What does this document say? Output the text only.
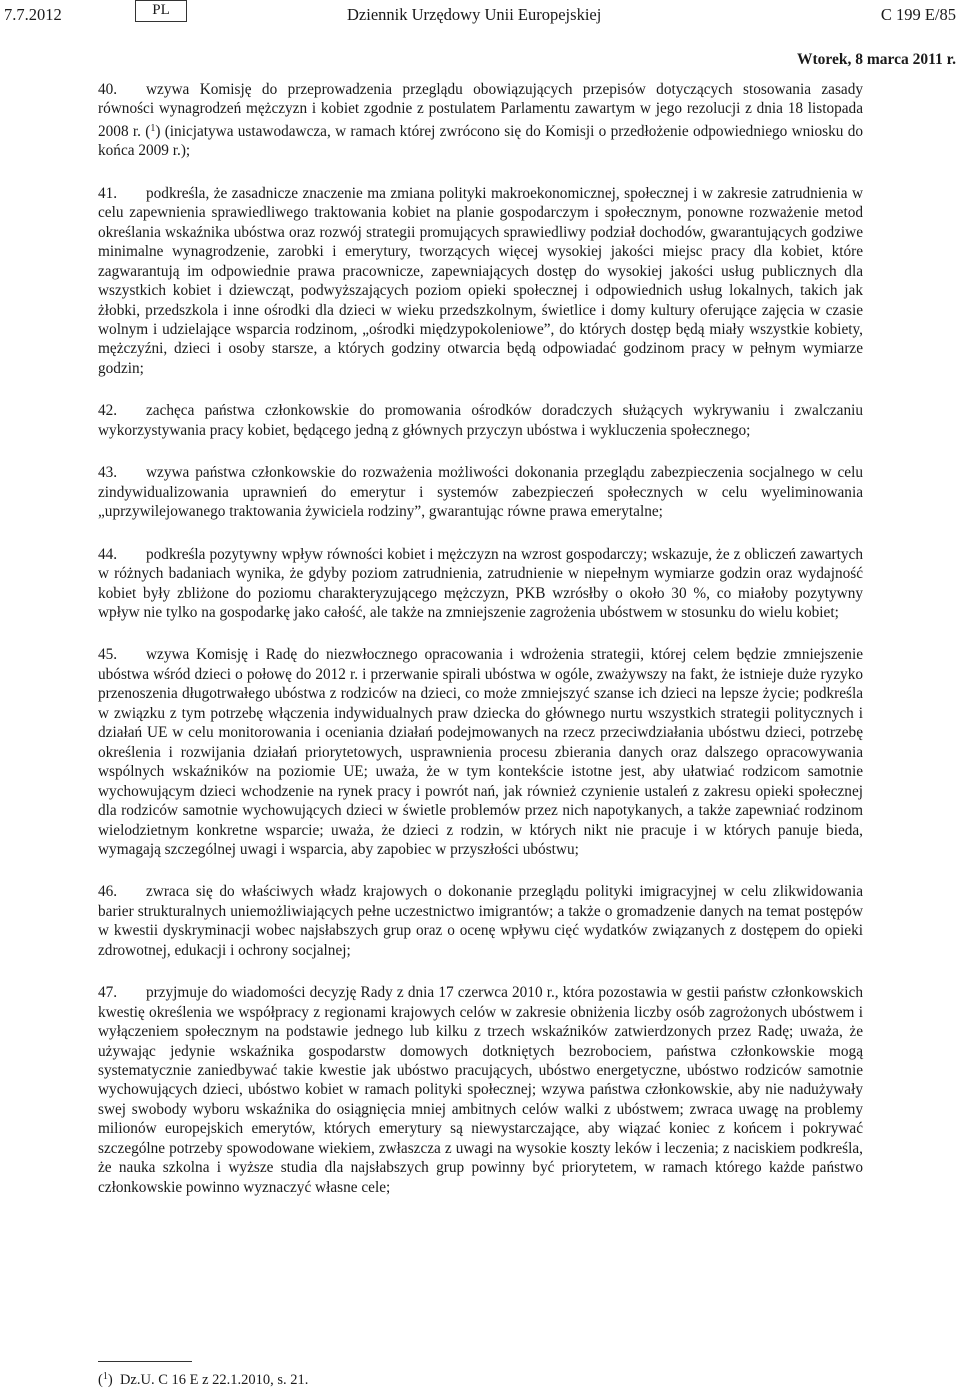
7.7.2012	PL	Dziennik Urzędowy Unii Europejskiej	C 199 E/85
Wtorek, 8 marca 2011 r.

40. wzywa Komisję do przeprowadzenia przeglądu obowiązujących przepisów dotyczących stosowania zasady równości wynagrodzeń mężczyzn i kobiet zgodnie z postulatem Parlamentu zawartym w jego rezolucji z dnia 18 listopada 2008 r. ($^1$) (inicjatywa ustawodawcza, w ramach której zwrócono się do Komisji o przedłożenie odpowiedniego wniosku do końca 2009 r.);

41. podkreśla, że zasadnicze znaczenie ma zmiana polityki makroekonomicznej, społecznej i w zakresie zatrudnienia w celu zapewnienia sprawiedliwego traktowania kobiet na planie gospodarczym i społecznym, ponowne rozważenie metod określania wskaźnika ubóstwa oraz rozwój strategii promujących sprawiedliwy podział dochodów, gwarantujących godziwe minimalne wynagrodzenie, zarobki i emerytury, tworzących więcej wysokiej jakości miejsc pracy dla kobiet, które zagwarantują im odpowiednie prawa pracownicze, zapewniających dostęp do wysokiej jakości usług publicznych dla wszystkich kobiet i dziewcząt, podwyższających poziom opieki społecznej i odpowiednich usług lokalnych, takich jak żłobki, przedszkola i inne ośrodki dla dzieci w wieku przedszkolnym, świetlice i domy kultury oferujące zajęcia w czasie wolnym i udzielające wsparcia rodzinom, „ośrodki międzypokoleniowe”, do których dostęp będą miały wszystkie kobiety, mężczyźni, dzieci i osoby starsze, a których godziny otwarcia będą odpowiadać godzinom pracy w pełnym wymiarze godzin;

42. zachęca państwa członkowskie do promowania ośrodków doradczych służących wykrywaniu i zwalczaniu wykorzystywania pracy kobiet, będącego jedną z głównych przyczyn ubóstwa i wykluczenia społecznego;

43. wzywa państwa członkowskie do rozważenia możliwości dokonania przeglądu zabezpieczenia socjalnego w celu zindywidualizowania uprawnień do emerytur i systemów zabezpieczeń społecznych w celu wyeliminowania „uprzywilejowanego traktowania żywiciela rodziny”, gwarantując równe prawa emerytalne;

44. podkreśla pozytywny wpływ równości kobiet i mężczyzn na wzrost gospodarczy; wskazuje, że z obliczeń zawartych w różnych badaniach wynika, że gdyby poziom zatrudnienia, zatrudnienie w niepełnym wymiarze godzin oraz wydajność kobiet były zbliżone do poziomu charakteryzującego mężczyzn, PKB wzrósłby o około 30 %, co miałoby pozytywny wpływ nie tylko na gospodarkę jako całość, ale także na zmniejszenie zagrożenia ubóstwem w stosunku do wielu kobiet;

45. wzywa Komisję i Radę do niezwłocznego opracowania i wdrożenia strategii, której celem będzie zmniejszenie ubóstwa wśród dzieci o połowę do 2012 r. i przerwanie spirali ubóstwa w ogóle, zważywszy na fakt, że istnieje duże ryzyko przenoszenia długotrwałego ubóstwa z rodziców na dzieci, co może zmniejszyć szanse ich dzieci na lepsze życie; podkreśla w związku z tym potrzebę włączenia indywidualnych praw dziecka do głównego nurtu wszystkich strategii politycznych i działań UE w celu monitorowania i oceniania działań podejmowanych na rzecz przeciwdziałania ubóstwu dzieci, potrzebę określenia i rozwijania działań priorytetowych, usprawnienia procesu zbierania danych oraz dalszego opracowywania wspólnych wskaźników na poziomie UE; uważa, że w tym kontekście istotne jest, aby ułatwiać rodzicom samotnie wychowującym dzieci wchodzenie na rynek pracy i powrót nań, jak również czynienie ustaleń z zakresu opieki społecznej dla rodziców samotnie wychowujących dzieci w świetle problemów przez nich napotykanych, a także zapewniać rodzinom wielodzietnym konkretne wsparcie; uważa, że dzieci z rodzin, w których nikt nie pracuje i w których panuje bieda, wymagają szczególnej uwagi i wsparcia, aby zapobiec w przyszłości ubóstwu;

46. zwraca się do właściwych władz krajowych o dokonanie przeglądu polityki imigracyjnej w celu zlikwidowania barier strukturalnych uniemożliwiających pełne uczestnictwo imigrantów; a także o gromadzenie danych na temat postępów w kwestii dyskryminacji wobec najsłabszych grup oraz o ocenę wpływu cięć wydatków związanych z dostępem do opieki zdrowotnej, edukacji i ochrony socjalnej;

47. przyjmuje do wiadomości decyzję Rady z dnia 17 czerwca 2010 r., która pozostawia w gestii państw członkowskich kwestię określenia we współpracy z regionami krajowych celów w zakresie obniżenia liczby osób zagrożonych ubóstwem i wyłączeniem społecznym na podstawie jednego lub kilku z trzech wskaźników zatwierdzonych przez Radę; uważa, że używając jedynie wskaźnika gospodarstw domowych dotkniętych bezrobociem, państwa członkowskie mogą systematycznie zaniedbywać takie kwestie jak ubóstwo pracujących, ubóstwo energetyczne, ubóstwo rodziców samotnie wychowujących dzieci, ubóstwo kobiet w ramach polityki społecznej; wzywa państwa członkowskie, aby nie nadużywały swej swobody wyboru wskaźnika do osiągnięcia mniej ambitnych celów walki z ubóstwem; zwraca uwagę na problemy milionów europejskich emerytów, których emerytury są niewystarczające, aby wiązać koniec z końcem i pokrywać szczególne potrzeby spowodowane wiekiem, zwłaszcza z uwagi na wysokie koszty leków i leczenia; z naciskiem podkreśla, że nauka szkolna i wyższe studia dla najsłabszych grup powinny być priorytetem, w ramach którego każde państwo członkowskie powinno wyznaczyć własne cele;

($^1$)  Dz.U. C 16 E z 22.1.2010, s. 21.
